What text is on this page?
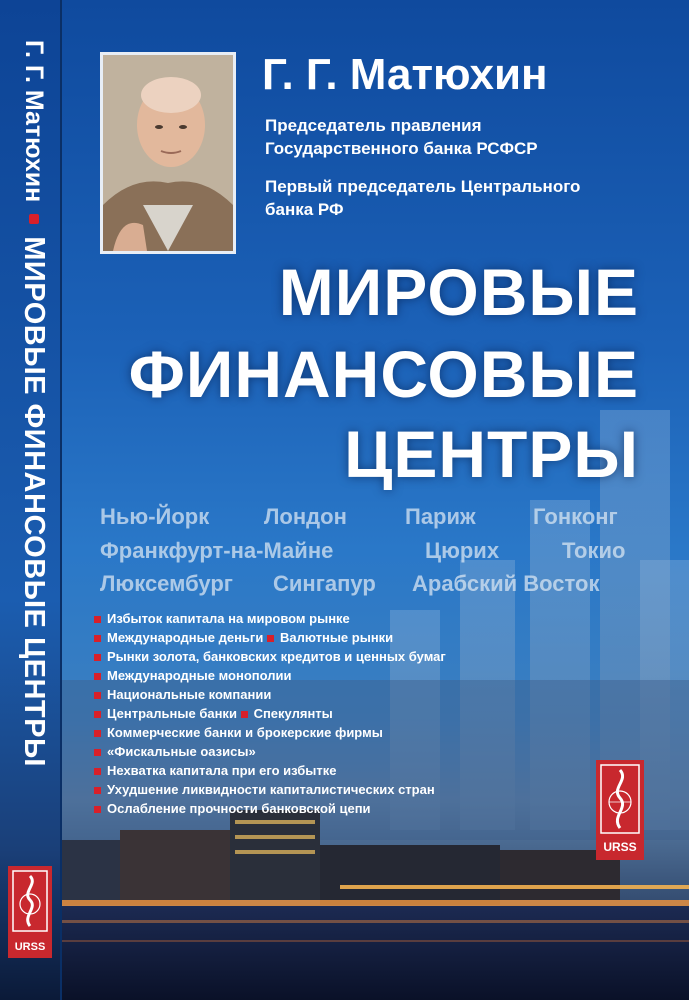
Г. Г. Матюхин
МИРОВЫЕ ФИНАНСОВЫЕ ЦЕНТРЫ
URSS
Г. Г. Матюхин
Председатель правления Государственного банка РСФСР
Первый председатель Центрального банка РФ
МИРОВЫЕ
ФИНАНСОВЫЕ
ЦЕНТРЫ
Нью-Йорк Лондон	Париж	Гонконг
Франкфурт-на-Майне	Цюрих	Токио
Люксембург Сингапур Арабский Восток
Избыток капитала на мировом рынке
Международные деньги Валютные рынки
Рынки золота, банковских кредитов и ценных бумаг
Международные монополии
Национальные компании
Центральные банки Спекулянты
Коммерческие банки и брокерские фирмы
«Фискальные оазисы»
Нехватка капитала при его избытке
Ухудшение ликвидности капиталистических стран
Ослабление прочности банковской цепи
URSS
